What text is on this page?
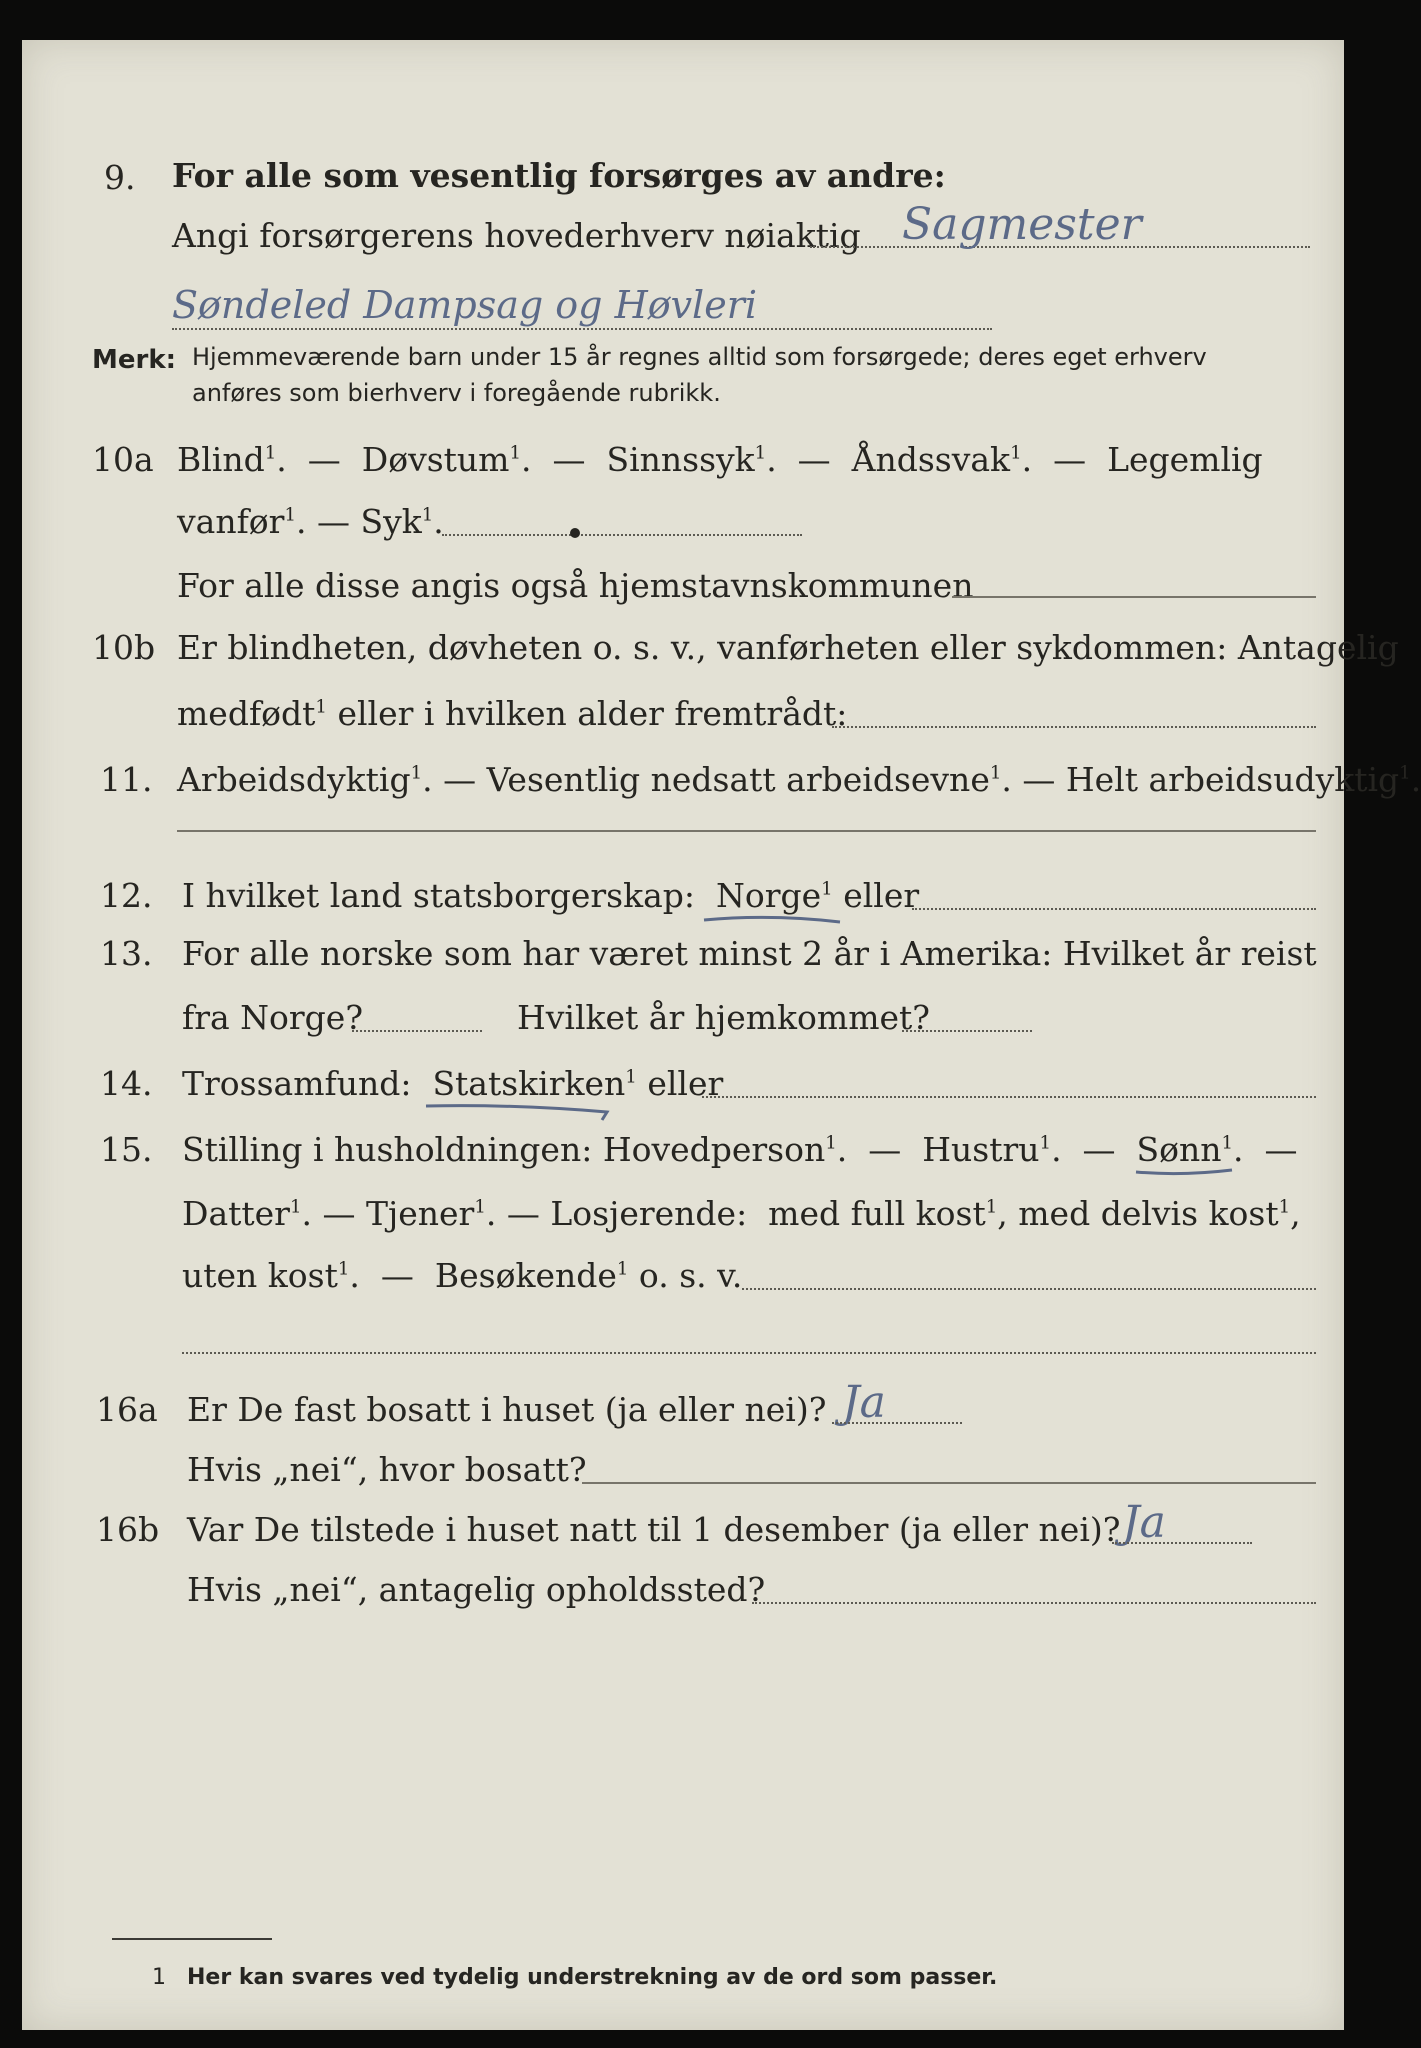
9. For alle som vesentlig forsørges av andre:
Angi forsørgerens hovederhverv nøiaktig Sagmester
Søndeled Dampsag og Høvleri
Merk: Hjemmeværende barn under 15 år regnes alltid som forsørgede; deres eget erhverv
anføres som bierhverv i foregående rubrikk.
10a Blind$^1$.  —  Døvstum$^1$.  —  Sinnssyk$^1$.  —  Åndssvak$^1$.  —  Legemlig
vanfør$^1$. — Syk$^1$.
For alle disse angis også hjemstavnskommunen
10b Er blindheten, døvheten o. s. v., vanførheten eller sykdommen: Antagelig
medfødt$^1$ eller i hvilken alder fremtrådt:
11. Arbeidsdyktig$^1$. — Vesentlig nedsatt arbeidsevne$^1$. — Helt arbeidsudyktig$^1$.
12. I hvilket land statsborgerskap: Norge$^1$ eller
13. For alle norske som har været minst 2 år i Amerika: Hvilket år reist
fra Norge?	Hvilket år hjemkommet?
14. Trossamfund: Statskirken$^1$ eller
15. Stilling i husholdningen: Hovedperson$^1$.  —  Hustru$^1$.  —  Sønn$^1$.  —
Datter$^1$. — Tjener$^1$. — Losjerende: med full kost$^1$, med delvis kost$^1$,
uten kost$^1$.  —  Besøkende$^1$ o. s. v.
16a Er De fast bosatt i huset (ja eller nei)? Ja
Hvis „nei“, hvor bosatt?
16b Var De tilstede i huset natt til 1 desember (ja eller nei)? Ja
Hvis „nei“, antagelig opholdssted?
1 Her kan svares ved tydelig understrekning av de ord som passer.
